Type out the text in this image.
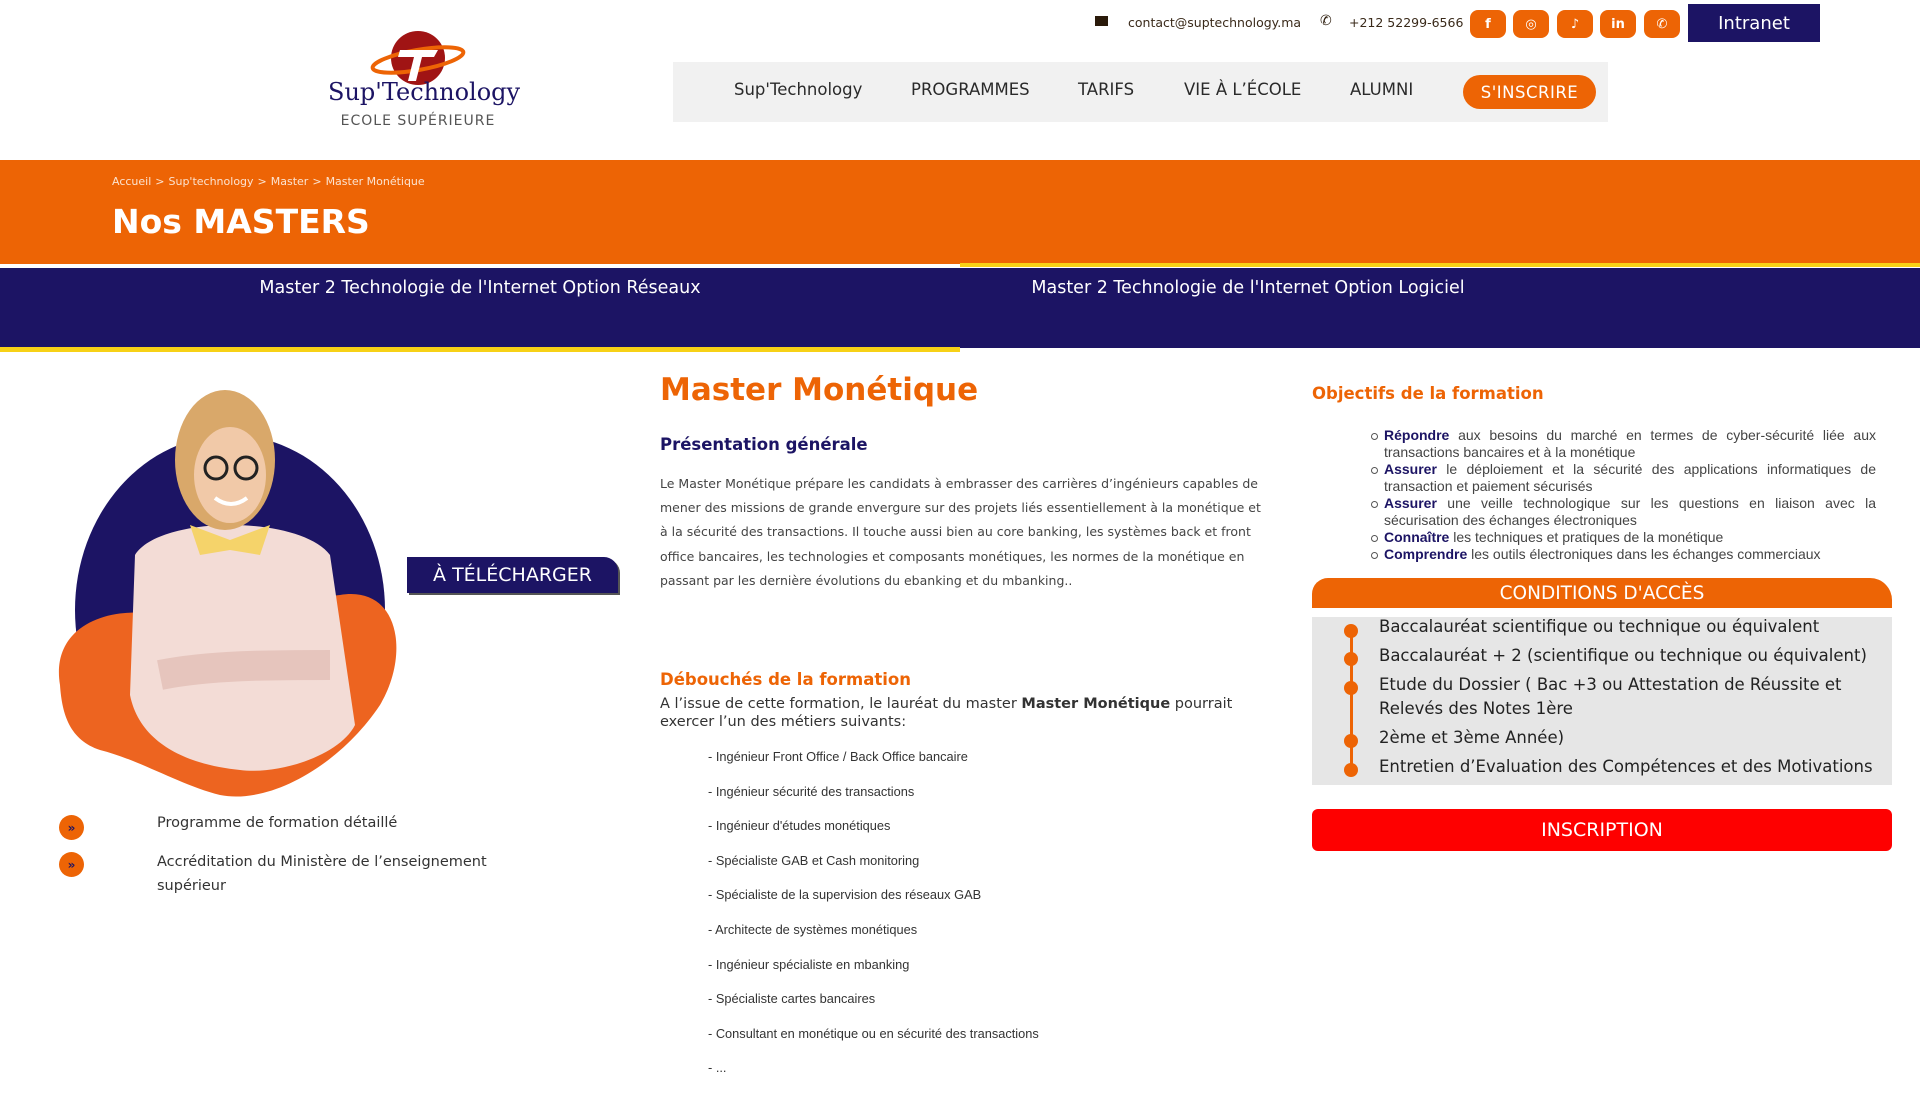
Sup'Technology
ECOLE SUPÉRIEURE
contact@suptechnology.ma ✆ +212 52299-6566	f	◎	♪	in	✆	Intranet
Sup'Technology	PROGRAMMES	TARIFS	VIE À L’ÉCOLE	ALUMNI	S'INSCRIRE
Accueil > Sup'technology > Master > Master Monétique
Nos MASTERS
Master 2 Technologie de l'Internet Option Réseaux	Master 2 Technologie de l'Internet Option Logiciel
À TÉLÉCHARGER
»	Programme de formation détaillé
»	Accréditation du Ministère de l’enseignement supérieur
Master Monétique
Présentation générale
Le Master Monétique prépare les candidats à embrasser des carrières d’ingénieurs capables de mener des missions de grande envergure sur des projets liés essentiellement à la monétique et à la sécurité des transactions. Il touche aussi bien au core banking, les systèmes back et front office bancaires, les technologies et composants monétiques, les normes de la monétique en passant par les dernière évolutions du ebanking et du mbanking..
Débouchés de la formation
A l’issue de cette formation, le lauréat du master Master Monétique pourrait exercer l’un des métiers suivants:
- Ingénieur Front Office / Back Office bancaire
- Ingénieur sécurité des transactions
- Ingénieur d'études monétiques
- Spécialiste GAB et Cash monitoring
- Spécialiste de la supervision des réseaux GAB
- Architecte de systèmes monétiques
- Ingénieur spécialiste en mbanking
- Spécialiste cartes bancaires
- Consultant en monétique ou en sécurité des transactions
- ...
Objectifs de la formation
Répondre aux besoins du marché en termes de cyber-sécurité liée aux transactions bancaires et à la monétique
Assurer le déploiement et la sécurité des applications informatiques de transaction et paiement sécurisés
Assurer une veille technologique sur les questions en liaison avec la sécurisation des échanges électroniques
Connaître les techniques et pratiques de la monétique
Comprendre les outils électroniques dans les échanges commerciaux
CONDITIONS D'ACCÈS
Baccalauréat scientifique ou technique ou équivalent
Baccalauréat + 2 (scientifique ou technique ou équivalent)
Etude du Dossier ( Bac +3 ou Attestation de Réussite et Relevés des Notes 1ère
2ème et 3ème Année)
Entretien d’Evaluation des Compétences et des Motivations
INSCRIPTION
